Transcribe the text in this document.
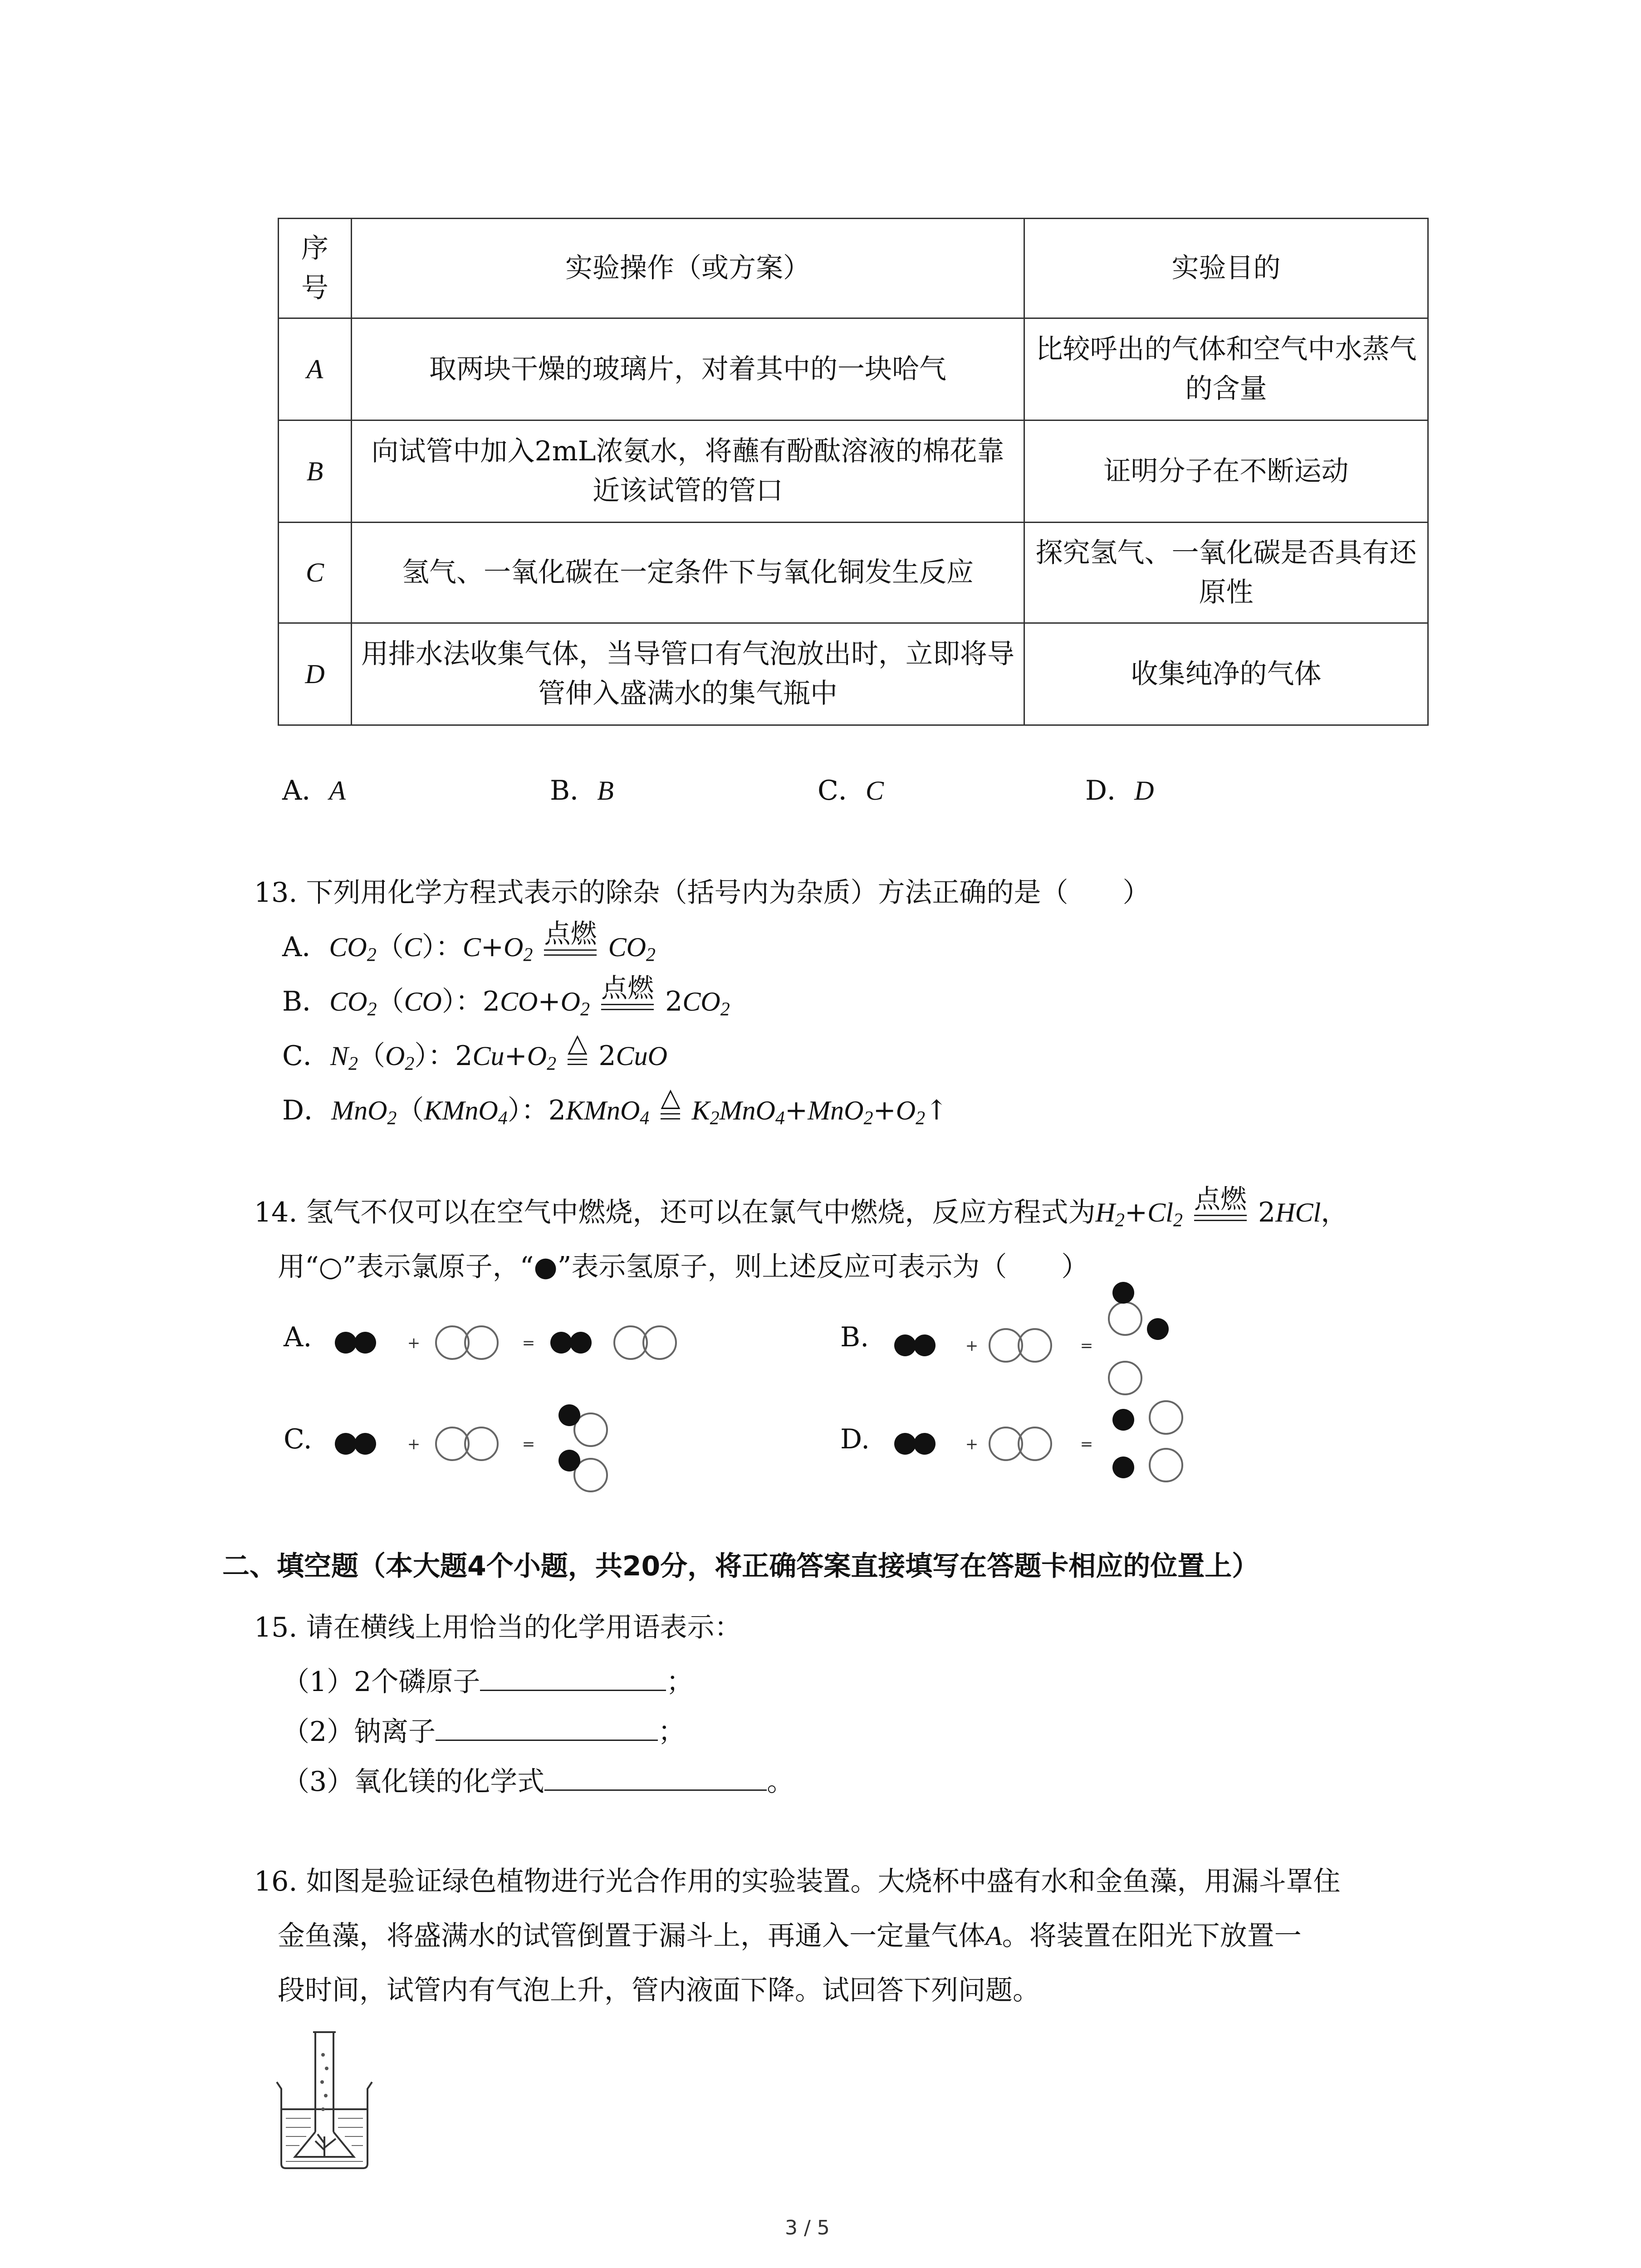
序号	实验操作（或方案）	实验目的
A	取两块干燥的玻璃片，对着其中的一块哈气	比较呼出的气体和空气中水蒸气的含量
B	向试管中加入2mL浓氨水，将蘸有酚酞溶液的棉花靠近该试管的管口	证明分子在不断运动
C	氢气、一氧化碳在一定条件下与氧化铜发生反应	探究氢气、一氧化碳是否具有还原性
D	用排水法收集气体，当导管口有气泡放出时，立即将导管伸入盛满水的集气瓶中	收集纯净的气体
A．A	B．B	C．C	D．D
13. 下列用化学方程式表示的除杂（括号内为杂质）方法正确的是（　　）
A．$CO_2(C)$：$C+O_2$
点燃 $CO_2$
B．$CO_2(CO)$：$2CO+O_2$
点燃 $2CO_2$
C．$N_2(O_2)$：$2Cu+O_2$
△ 2CuO
D．MnO$_2$（KMnO$_4$）：2KMnO$_4$
△ $K_2MnO_4+MnO_2+O_2↑$
14. 氢气不仅可以在空气中燃烧，还可以在氯气中燃烧，反应方程式为$H_2+Cl_2$
点燃 2HCl，
用“○”表示氯原子，“●”表示氢原子，则上述反应可表示为（　　）
A.	B.
C.	D.
+	=	+	=
+	=	+	=
二、填空题（本大题4个小题，共20分，将正确答案直接填写在答题卡相应的位置上）
15. 请在横线上用恰当的化学用语表示：
（1）2个磷原子	；
（2）钠离子	；
（3）氧化镁的化学式	。
16. 如图是验证绿色植物进行光合作用的实验装置。大烧杯中盛有水和金鱼藻，用漏斗罩住
金鱼藻，将盛满水的试管倒置于漏斗上，再通入一定量气体A。将装置在阳光下放置一
段时间，试管内有气泡上升，管内液面下降。试回答下列问题。
3 / 5
